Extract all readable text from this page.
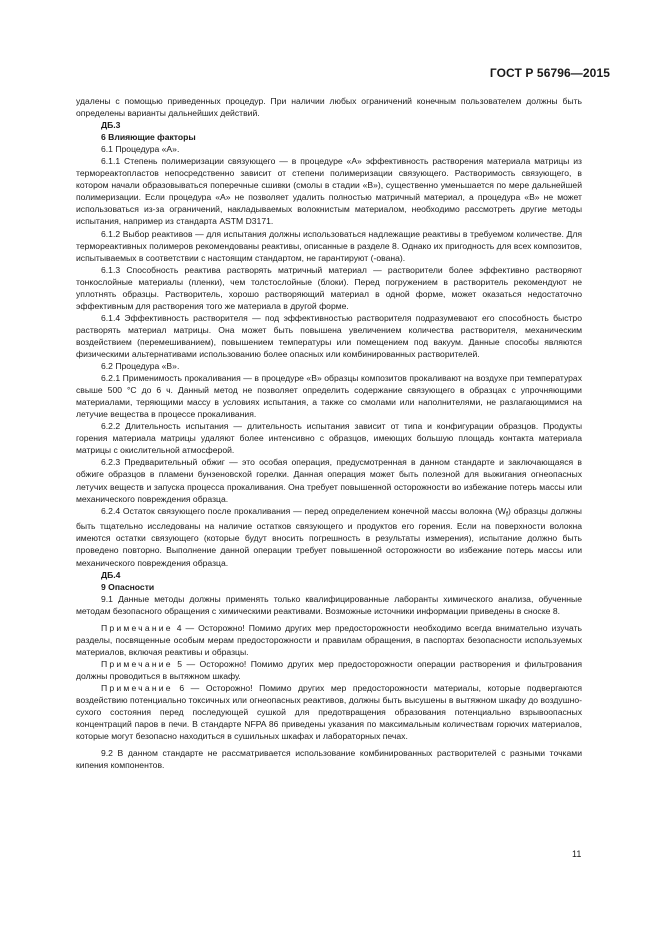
ГОСТ Р 56796—2015

удалены с помощью приведенных процедур. При наличии любых ограничений конечным пользователем должны быть определены варианты дальнейших действий.

ДБ.3

6 Влияющие факторы

6.1 Процедура «А».

6.1.1 Степень полимеризации связующего — в процедуре «А» эффективность растворения материала матрицы из термореактопластов непосредственно зависит от степени полимеризации связующего. Растворимость связующего, в котором начали образовываться поперечные сшивки (смолы в стадии «В»), существенно уменьшается по мере дальнейшей полимеризации. Если процедура «А» не позволяет удалить полностью матричный материал, а процедура «В» не может использоваться из-за ограничений, накладываемых волокнистым материалом, необходимо рассмотреть другие методы испытания, например из стандарта ASTM D3171.

6.1.2 Выбор реактивов — для испытания должны использоваться надлежащие реактивы в требуемом количестве. Для термореактивных полимеров рекомендованы реактивы, описанные в разделе 8. Однако их пригодность для всех композитов, испытываемых в соответствии с настоящим стандартом, не гарантируют (-ована).

6.1.3 Способность реактива растворять матричный материал — растворители более эффективно растворяют тонкослойные материалы (пленки), чем толстослойные (блоки). Перед погружением в растворитель рекомендуют не уплотнять образцы. Растворитель, хорошо растворяющий материал в одной форме, может оказаться недостаточно эффективным для растворения того же материала в другой форме.

6.1.4 Эффективность растворителя — под эффективностью растворителя подразумевают его способность быстро растворять материал матрицы. Она может быть повышена увеличением количества растворителя, механическим воздействием (перемешиванием), повышением температуры или помещением под вакуум. Данные способы являются физическими альтернативами использованию более опасных или комбинированных растворителей.

6.2 Процедура «В».

6.2.1 Применимость прокаливания — в процедуре «В» образцы композитов прокаливают на воздухе при температурах свыше 500 °С до 6 ч. Данный метод не позволяет определить содержание связующего в образцах с упрочняющими материалами, теряющими массу в условиях испытания, а также со смолами или наполнителями, не разлагающимися на летучие вещества в процессе прокаливания.

6.2.2 Длительность испытания — длительность испытания зависит от типа и конфигурации образцов. Продукты горения материала матрицы удаляют более интенсивно с образцов, имеющих большую площадь контакта материала матрицы с окислительной атмосферой.

6.2.3 Предварительный обжиг — это особая операция, предусмотренная в данном стандарте и заключающаяся в обжиге образцов в пламени бунзеновской горелки. Данная операция может быть полезной для выжигания огнеопасных летучих веществ и запуска процесса прокаливания. Она требует повышенной осторожности во избежание потерь массы или механического повреждения образца.

6.2.4 Остаток связующего после прокаливания — перед определением конечной массы волокна $(W_f)$ образцы должны быть тщательно исследованы на наличие остатков связующего и продуктов его горения. Если на поверхности волокна имеются остатки связующего (которые будут вносить погрешность в результаты измерения), испытание должно быть проведено повторно. Выполнение данной операции требует повышенной осторожности во избежание потерь массы или механического повреждения образца.

ДБ.4

9 Опасности

9.1 Данные методы должны применять только квалифицированные лаборанты химического анализа, обученные методам безопасного обращения с химическими реактивами. Возможные источники информации приведены в сноске 8.

Примечание 4 — Осторожно! Помимо других мер предосторожности необходимо всегда внимательно изучать разделы, посвященные особым мерам предосторожности и правилам обращения, в паспортах безопасности используемых материалов, включая реактивы и образцы.

Примечание 5 — Осторожно! Помимо других мер предосторожности операции растворения и фильтрования должны проводиться в вытяжном шкафу.

Примечание 6 — Осторожно! Помимо других мер предосторожности материалы, которые подвергаются воздействию потенциально токсичных или огнеопасных реактивов, должны быть высушены в вытяжном шкафу до воздушно-сухого состояния перед последующей сушкой для предотвращения образования потенциально взрывоопасных концентраций паров в печи. В стандарте NFPA 86 приведены указания по максимальным количествам горючих материалов, которые могут безопасно находиться в сушильных шкафах и лабораторных печах.

9.2 В данном стандарте не рассматривается использование комбинированных растворителей с разными точками кипения компонентов.

11
